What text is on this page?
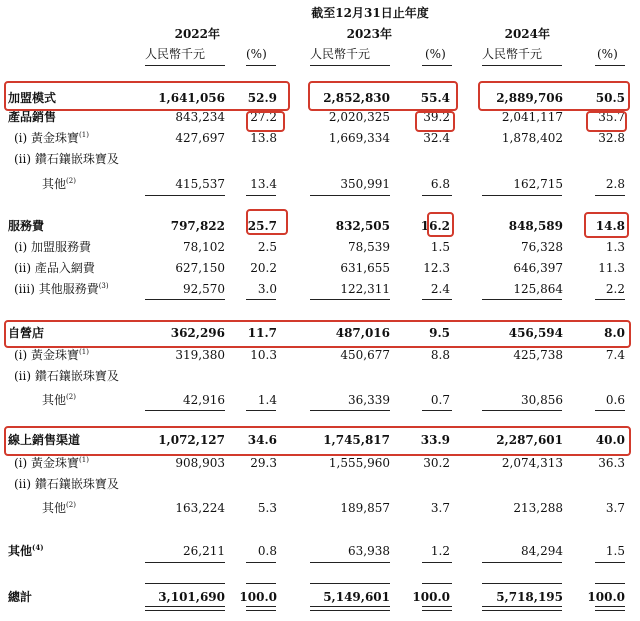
截至12月31日止年度
2022年	2023年	2024年
人民幣千元	(%)	人民幣千元	(%)	人民幣千元	(%)
加盟模式	1,641,056	52.9	2,852,830	55.4	2,889,706	50.5
產品銷售	843,234	27.2	2,020,325	39.2	2,041,117	35.7
(i) 黃金珠寶$^{(1)}$	427,697	13.8	1,669,334	32.4	1,878,402	32.8
(ii) 鑽石鑲嵌珠寶及
其他$^{(2)}$	415,537	13.4	350,991	6.8	162,715	2.8
服務費	797,822	25.7	832,505	16.2	848,589	14.8
(i) 加盟服務費	78,102	2.5	78,539	1.5	76,328	1.3
(ii) 產品入網費	627,150	20.2	631,655	12.3	646,397	11.3
(iii) 其他服務費$^{(3)}$	92,570	3.0	122,311	2.4	125,864	2.2
自營店	362,296	11.7	487,016	9.5	456,594	8.0
(i) 黃金珠寶$^{(1)}$	319,380	10.3	450,677	8.8	425,738	7.4
(ii) 鑽石鑲嵌珠寶及
其他$^{(2)}$	42,916	1.4	36,339	0.7	30,856	0.6
線上銷售渠道	1,072,127	34.6	1,745,817	33.9	2,287,601	40.0
(i) 黃金珠寶$^{(1)}$	908,903	29.3	1,555,960	30.2	2,074,313	36.3
(ii) 鑽石鑲嵌珠寶及
其他$^{(2)}$	163,224	5.3	189,857	3.7	213,288	3.7
其他$^{(4)}$	26,211	0.8	63,938	1.2	84,294	1.5
總計	3,101,690	100.0	5,149,601	100.0	5,718,195	100.0
